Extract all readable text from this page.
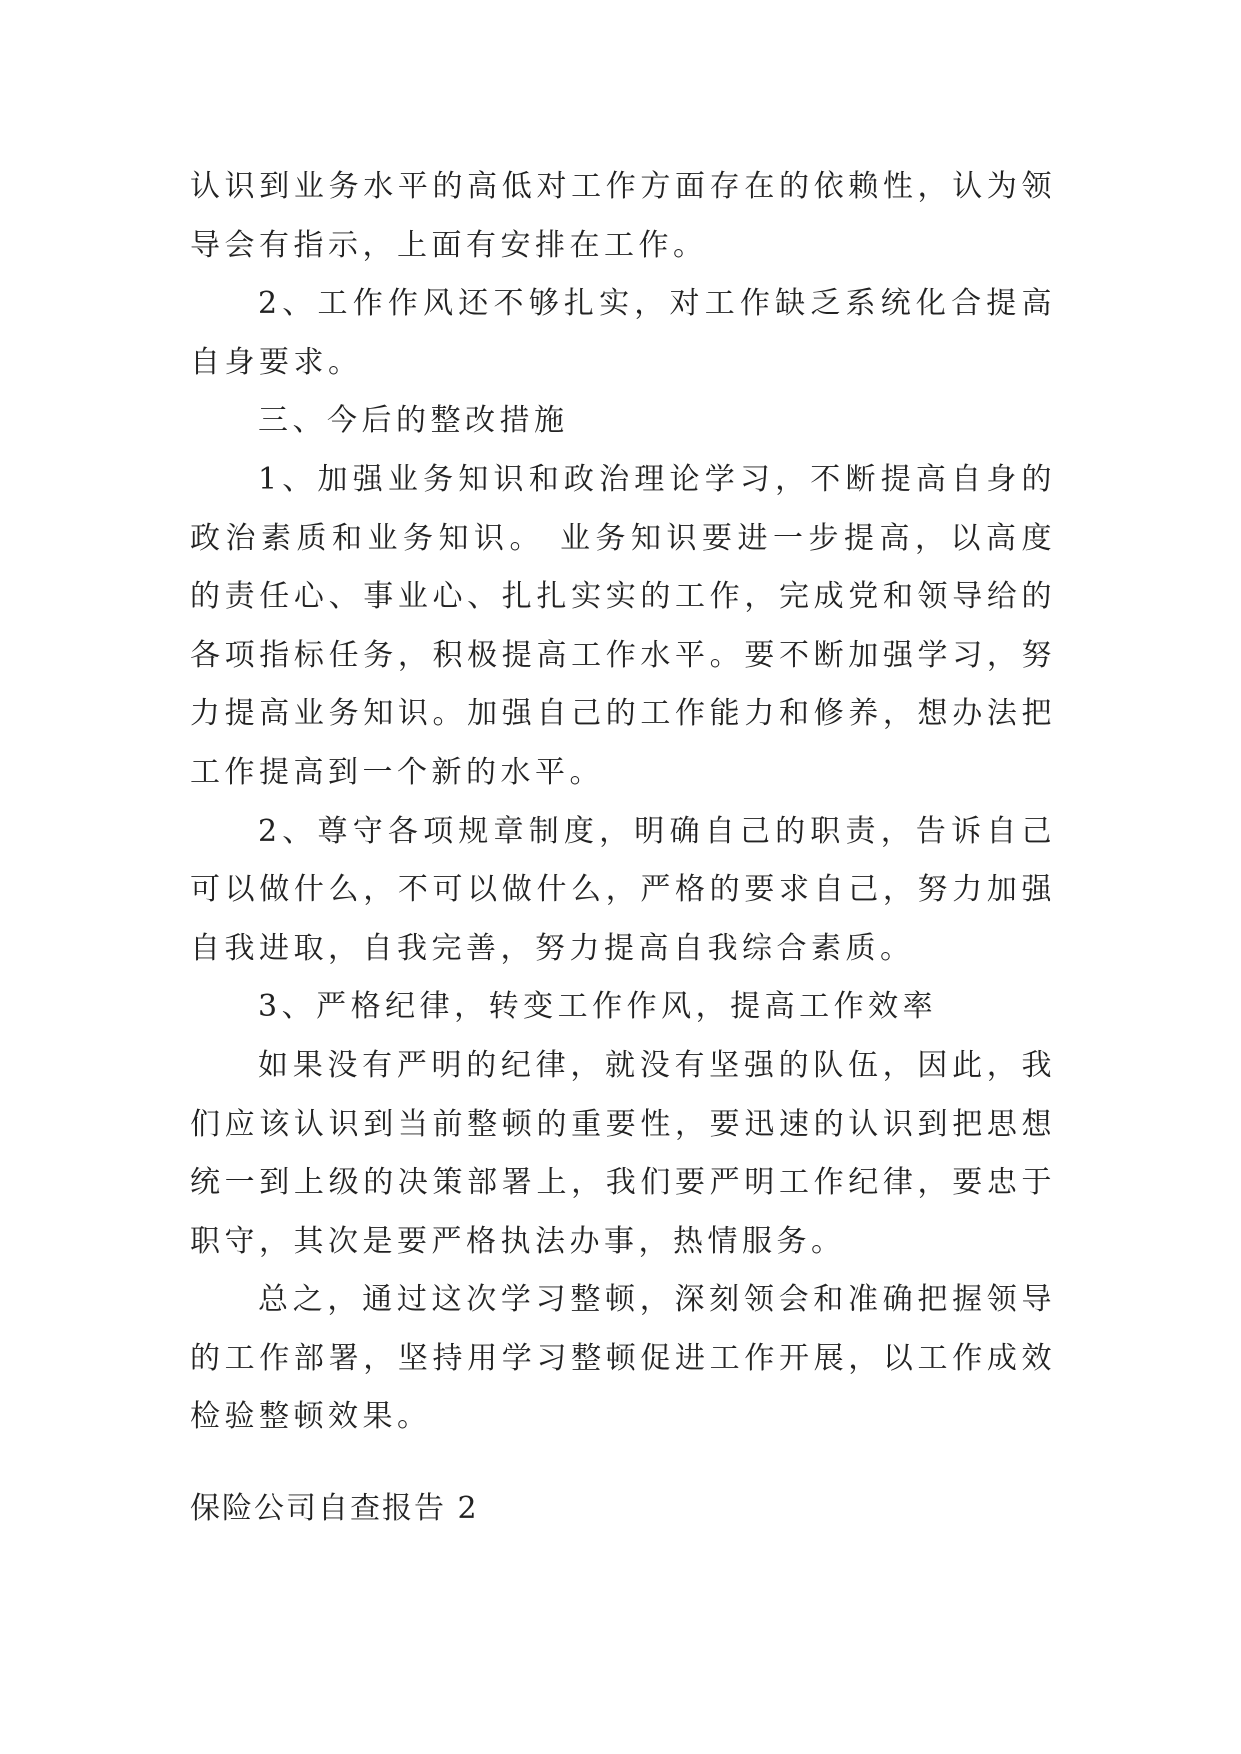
认识到业务水平的高低对工作方面存在的依赖性，认为领导会有指示，上面有安排在工作。

2、工作作风还不够扎实，对工作缺乏系统化合提高自身要求。

三、今后的整改措施

1、加强业务知识和政治理论学习，不断提高自身的政治素质和业务知识。 业务知识要进一步提高，以高度的责任心、事业心、扎扎实实的工作，完成党和领导给的各项指标任务，积极提高工作水平。要不断加强学习，努力提高业务知识。加强自己的工作能力和修养，想办法把工作提高到一个新的水平。

2、尊守各项规章制度，明确自己的职责，告诉自己可以做什么，不可以做什么，严格的要求自己，努力加强自我进取，自我完善，努力提高自我综合素质。

3、严格纪律，转变工作作风，提高工作效率

如果没有严明的纪律，就没有坚强的队伍，因此，我们应该认识到当前整顿的重要性，要迅速的认识到把思想统一到上级的决策部署上，我们要严明工作纪律，要忠于职守，其次是要严格执法办事，热情服务。

总之，通过这次学习整顿，深刻领会和准确把握领导的工作部署，坚持用学习整顿促进工作开展，以工作成效检验整顿效果。

保险公司自查报告 2
